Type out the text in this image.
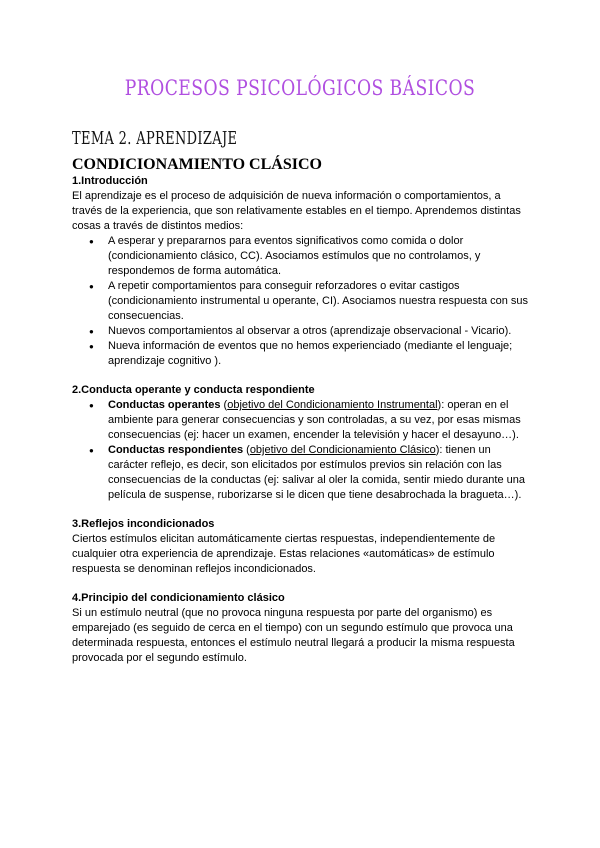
PROCESOS PSICOLÓGICOS BÁSICOS
TEMA 2. APRENDIZAJE
CONDICIONAMIENTO CLÁSICO
1.Introducción

El aprendizaje es el proceso de adquisición de nueva información o comportamientos, a través de la experiencia, que son relativamente estables en el tiempo. Aprendemos distintas cosas a través de distintos medios:

● A esperar y prepararnos para eventos significativos como comida o dolor (condicionamiento clásico, CC). Asociamos estímulos que no controlamos, y respondemos de forma automática.
● A repetir comportamientos para conseguir reforzadores o evitar castigos (condicionamiento instrumental u operante, CI). Asociamos nuestra respuesta con sus consecuencias.
● Nuevos comportamientos al observar a otros (aprendizaje observacional - Vicario).
● Nueva información de eventos que no hemos experienciado (mediante el lenguaje; aprendizaje cognitivo ).
2.Conducta operante y conducta respondiente
● Conductas operantes (objetivo del Condicionamiento Instrumental): operan en el ambiente para generar consecuencias y son controladas, a su vez, por esas mismas consecuencias (ej: hacer un examen, encender la televisión y hacer el desayuno…).
● Conductas respondientes (objetivo del Condicionamiento Clásico): tienen un carácter reflejo, es decir, son elicitados por estímulos previos sin relación con las consecuencias de la conductas (ej: salivar al oler la comida, sentir miedo durante una película de suspense, ruborizarse si le dicen que tiene desabrochada la bragueta…).
3.Reflejos incondicionados

Ciertos estímulos elicitan automáticamente ciertas respuestas, independientemente de cualquier otra experiencia de aprendizaje. Estas relaciones «automáticas» de estímulo respuesta se denominan reflejos incondicionados.

4.Principio del condicionamiento clásico

Si un estímulo neutral (que no provoca ninguna respuesta por parte del organismo) es emparejado (es seguido de cerca en el tiempo) con un segundo estímulo que provoca una determinada respuesta, entonces el estímulo neutral llegará a producir la misma respuesta provocada por el segundo estímulo.
